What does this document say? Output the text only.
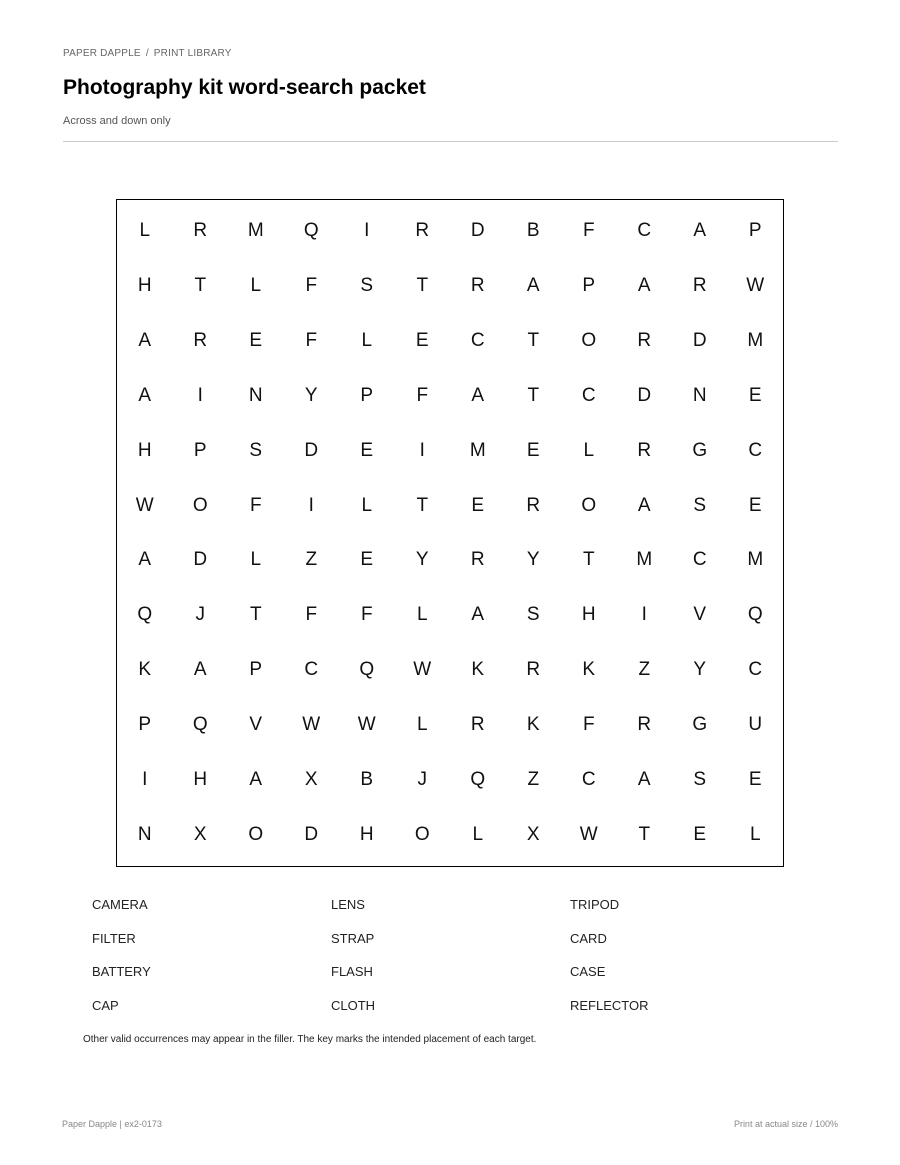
PAPER DAPPLE / PRINT LIBRARY
Photography kit word-search packet
Across and down only
L	R	M	Q	I	R	D	B	F	C	A	P
H	T	L	F	S	T	R	A	P	A	R	W
A	R	E	F	L	E	C	T	O	R	D	M
A	I	N	Y	P	F	A	T	C	D	N	E
H	P	S	D	E	I	M	E	L	R	G	C
W	O	F	I	L	T	E	R	O	A	S	E
A	D	L	Z	E	Y	R	Y	T	M	C	M
Q	J	T	F	F	L	A	S	H	I	V	Q
K	A	P	C	Q	W	K	R	K	Z	Y	C
P	Q	V	W	W	L	R	K	F	R	G	U
I	H	A	X	B	J	Q	Z	C	A	S	E
N	X	O	D	H	O	L	X	W	T	E	L
CAMERA	LENS	TRIPOD
FILTER	STRAP	CARD
BATTERY	FLASH	CASE
CAP	CLOTH	REFLECTOR
Other valid occurrences may appear in the filler. The key marks the intended placement of each target.
Paper Dapple | ex2-0173	Print at actual size / 100%
